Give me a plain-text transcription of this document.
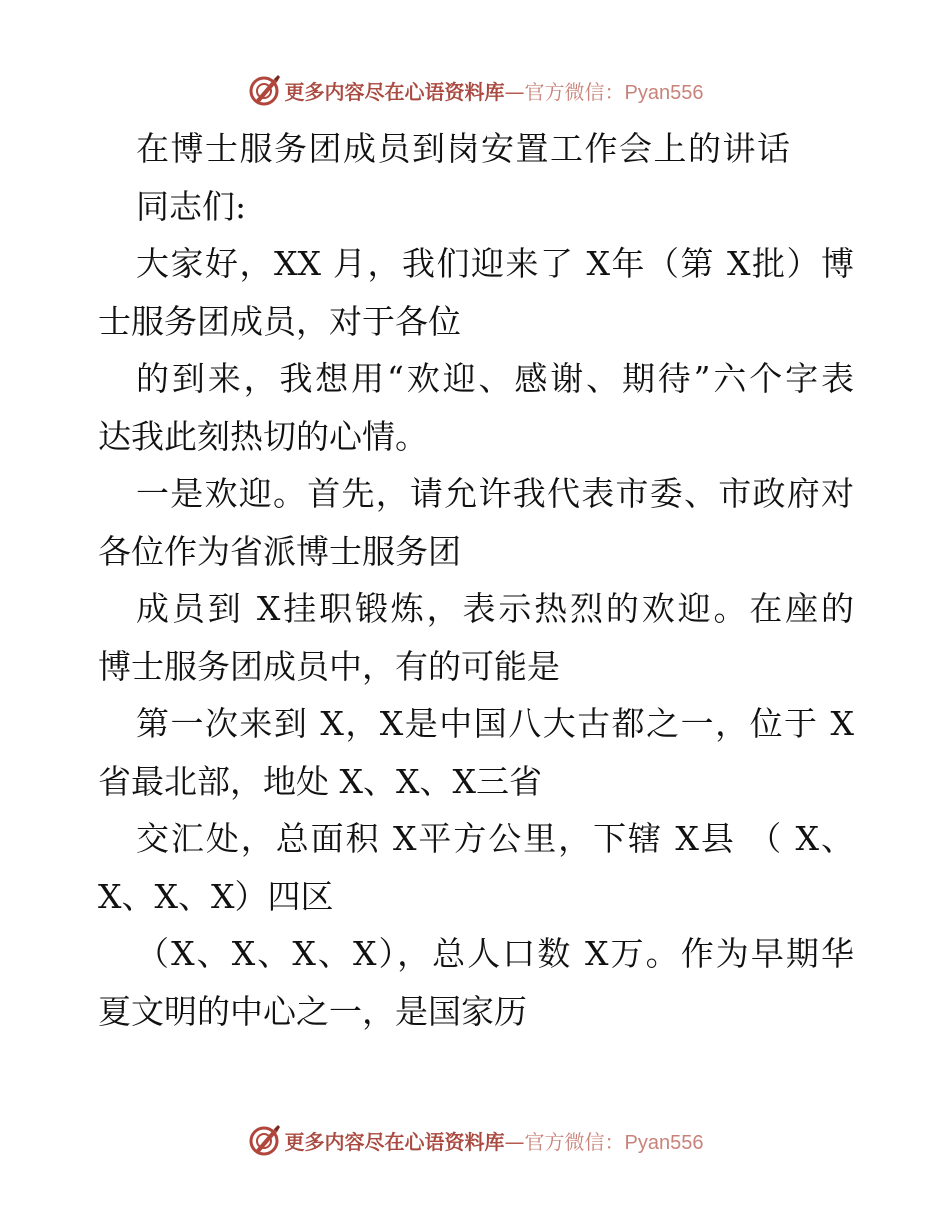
更多内容尽在心语资料库—官方微信：Pyan556
在博士服务团成员到岗安置工作会上的讲话
同志们:
大家好，XX 月，我们迎来了 X年（第 X批）博
士服务团成员，对于各位
的到来，我想用“欢迎、感谢、期待”六个字表
达我此刻热切的心情。
一是欢迎。首先，请允许我代表市委、市政府对
各位作为省派博士服务团
成员到 X挂职锻炼，表示热烈的欢迎。在座的
博士服务团成员中，有的可能是
第一次来到 X，X是中国八大古都之一，位于 X
省最北部，地处 X、X、X三省
交汇处，总面积 X平方公里，下辖 X县 （ X、
X、X、X）四区
（X、X、X、X），总人口数 X万。作为早期华
夏文明的中心之一，是国家历
更多内容尽在心语资料库—官方微信：Pyan556
